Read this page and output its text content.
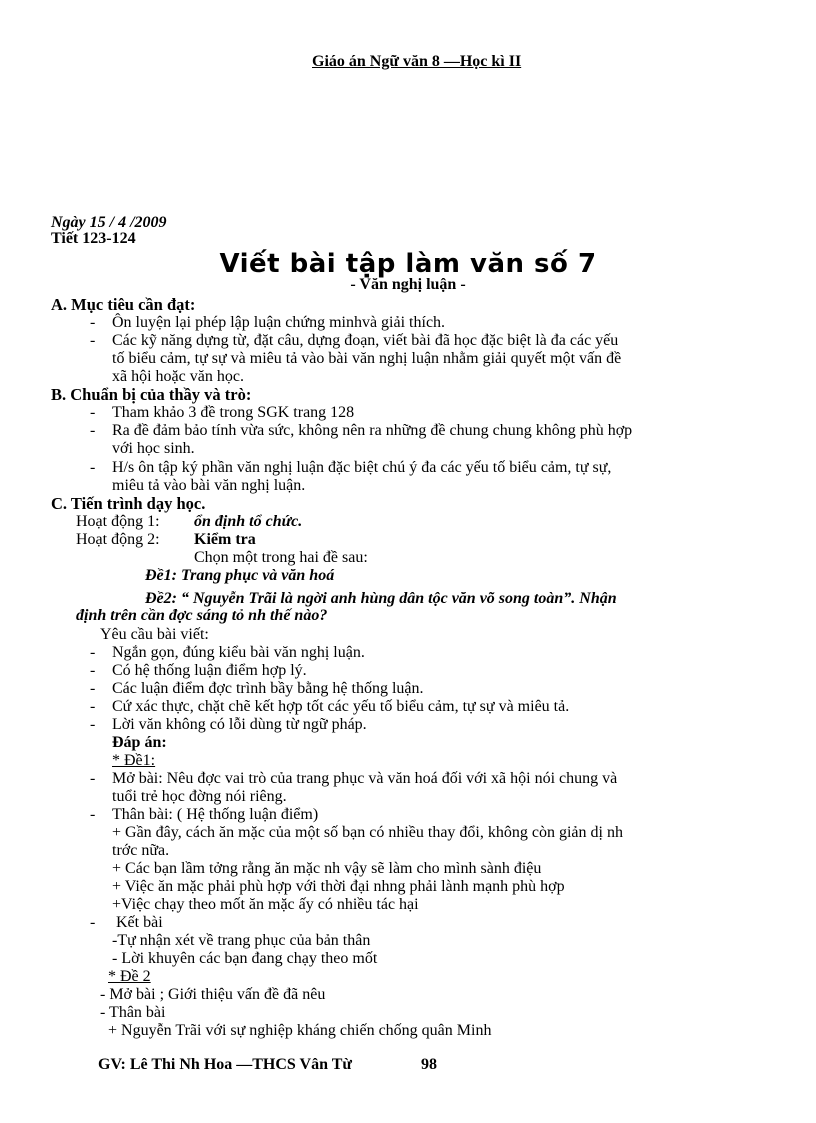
Giáo án Ngữ văn 8 —Học kì II
Ngày 15 / 4 /2009
Tiết 123-124
Viết bài tập làm văn số 7
- Văn nghị luận -
A. Mục tiêu cần đạt:
- Ôn luyện lại phép lập luận chứng minhvà giải thích.
- Các kỹ năng dựng từ, đặt câu, dựng đoạn, viết bài đã học đặc biệt là đa các yếu
tố biểu cảm, tự sự và miêu tả vào bài văn nghị luận nhằm giải quyết một vấn đề
xã hội hoặc văn học.
B. Chuẩn bị của thầy và trò:
- Tham khảo 3 đề trong SGK trang 128
- Ra đề đảm bảo tính vừa sức, không nên ra những đề chung chung không phù hợp
với học sinh.
- H/s ôn tập ký phần văn nghị luận đặc biệt chú ý đa các yếu tố biểu cảm, tự sự,
miêu tả vào bài văn nghị luận.
C. Tiến trình dạy học.
Hoạt động 1: ổn định tổ chức.
Hoạt động 2: Kiểm tra
Chọn một trong hai đề sau:
Đề1: Trang phục và văn hoá
Đề2: “ Nguyễn Trãi là ngời anh hùng dân tộc văn võ song toàn”. Nhận
định trên cần đợc sáng tỏ nh thế nào?
Yêu cầu bài viết:
- Ngắn gọn, đúng kiểu bài văn nghị luận.
- Có hệ thống luận điểm hợp lý.
- Các luận điểm đợc trình bầy bằng hệ thống luận.
- Cứ xác thực, chặt chẽ kết hợp tốt các yếu tố biểu cảm, tự sự và miêu tả.
- Lời văn không có lỗi dùng từ ngữ pháp.
Đáp án:
* Đề1:
- Mở bài: Nêu đợc vai trò của trang phục và văn hoá đối với xã hội nói chung và
tuổi trẻ học đờng nói riêng.
- Thân bài: ( Hệ thống luận điểm)
+ Gần đây, cách ăn mặc của một số bạn có nhiều thay đổi, không còn giản dị nh
trớc nữa.
+ Các bạn lầm tởng rằng ăn mặc nh vậy sẽ làm cho mình sành điệu
+ Việc ăn mặc phải phù hợp với thời đại nhng phải lành mạnh phù hợp
+Việc chạy theo mốt ăn mặc ấy có nhiều tác hại
- Kết bài
-Tự nhận xét về trang phục của bản thân
- Lời khuyên các bạn đang chạy theo mốt
* Đề 2
- Mở bài ; Giới thiệu vấn đề đã nêu
- Thân bài
+ Nguyễn Trãi với sự nghiệp kháng chiến chống quân Minh
GV: Lê Thi Nh Hoa —THCS Vân Từ	98
